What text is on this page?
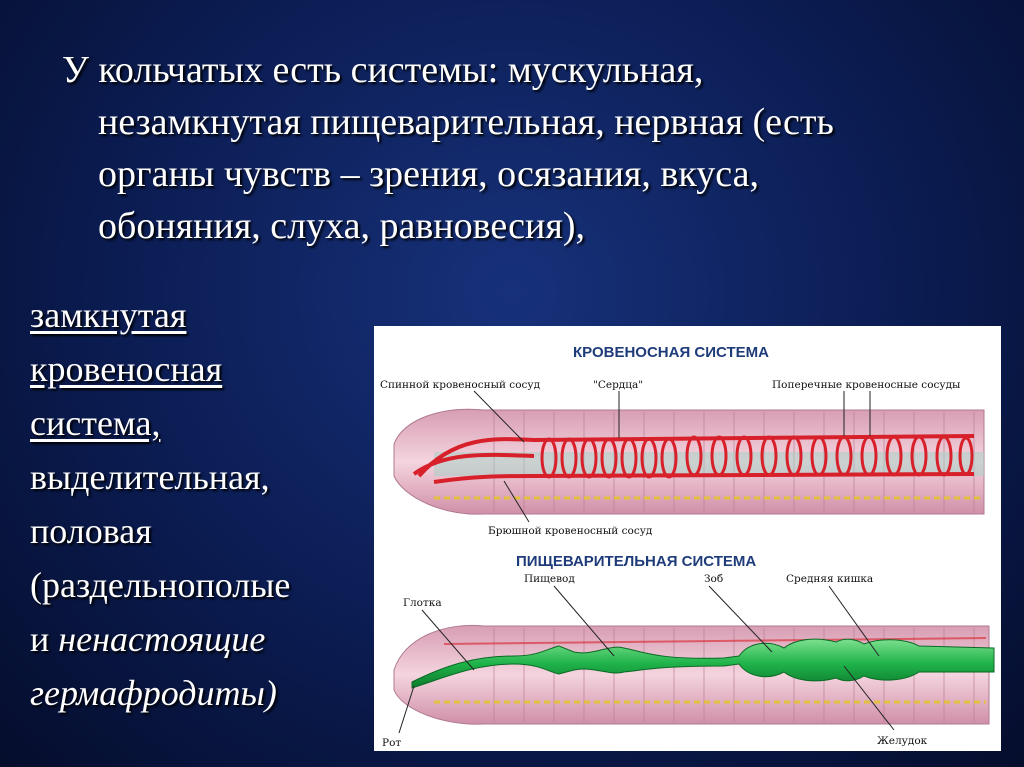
У кольчатых есть системы: мускульная,
незамкнутая пищеварительная, нервная (есть
органы чувств – зрения, осязания, вкуса,
обоняния, слуха, равновесия),
замкнутая
кровеносная
система,
выделительная,
половая
(раздельнополые
и ненастоящие
гермафродиты)
КРОВЕНОСНАЯ СИСТЕМА
Спинной кровеносный сосуд	"Сердца"	Поперечные кровеносные сосуды
Брюшной кровеносный сосуд
ПИЩЕВАРИТЕЛЬНАЯ СИСТЕМА
Пищевод	Зоб	Средняя кишка
Глотка
Рот	Желудок
